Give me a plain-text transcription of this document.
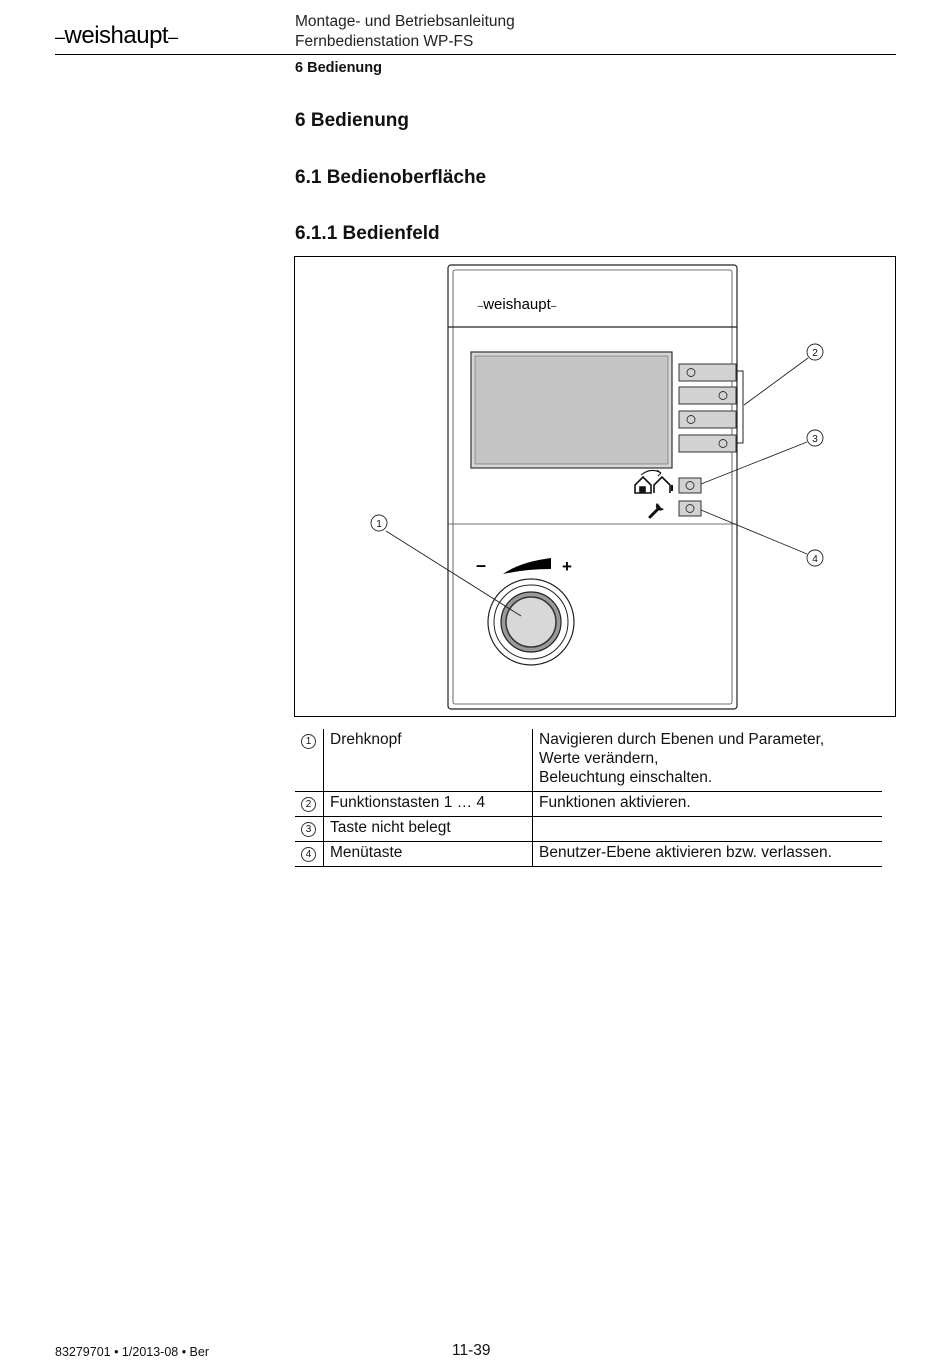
–weishaupt–
Montage- und Betriebsanleitung
Fernbedienstation WP-FS
6 Bedienung
6 Bedienung
6.1 Bedienoberfläche
6.1.1 Bedienfeld
–weishaupt–
–	+
1
2
3
4
1	Drehknopf	Navigieren durch Ebenen und Parameter,
Werte verändern,
Beleuchtung einschalten.

2	Funktionstasten 1 … 4	Funktionen aktivieren.

3	Taste nicht belegt	

4	Menütaste	Benutzer-Ebene aktivieren bzw. verlassen.
83279701 • 1/2013-08 • Ber	11-39
